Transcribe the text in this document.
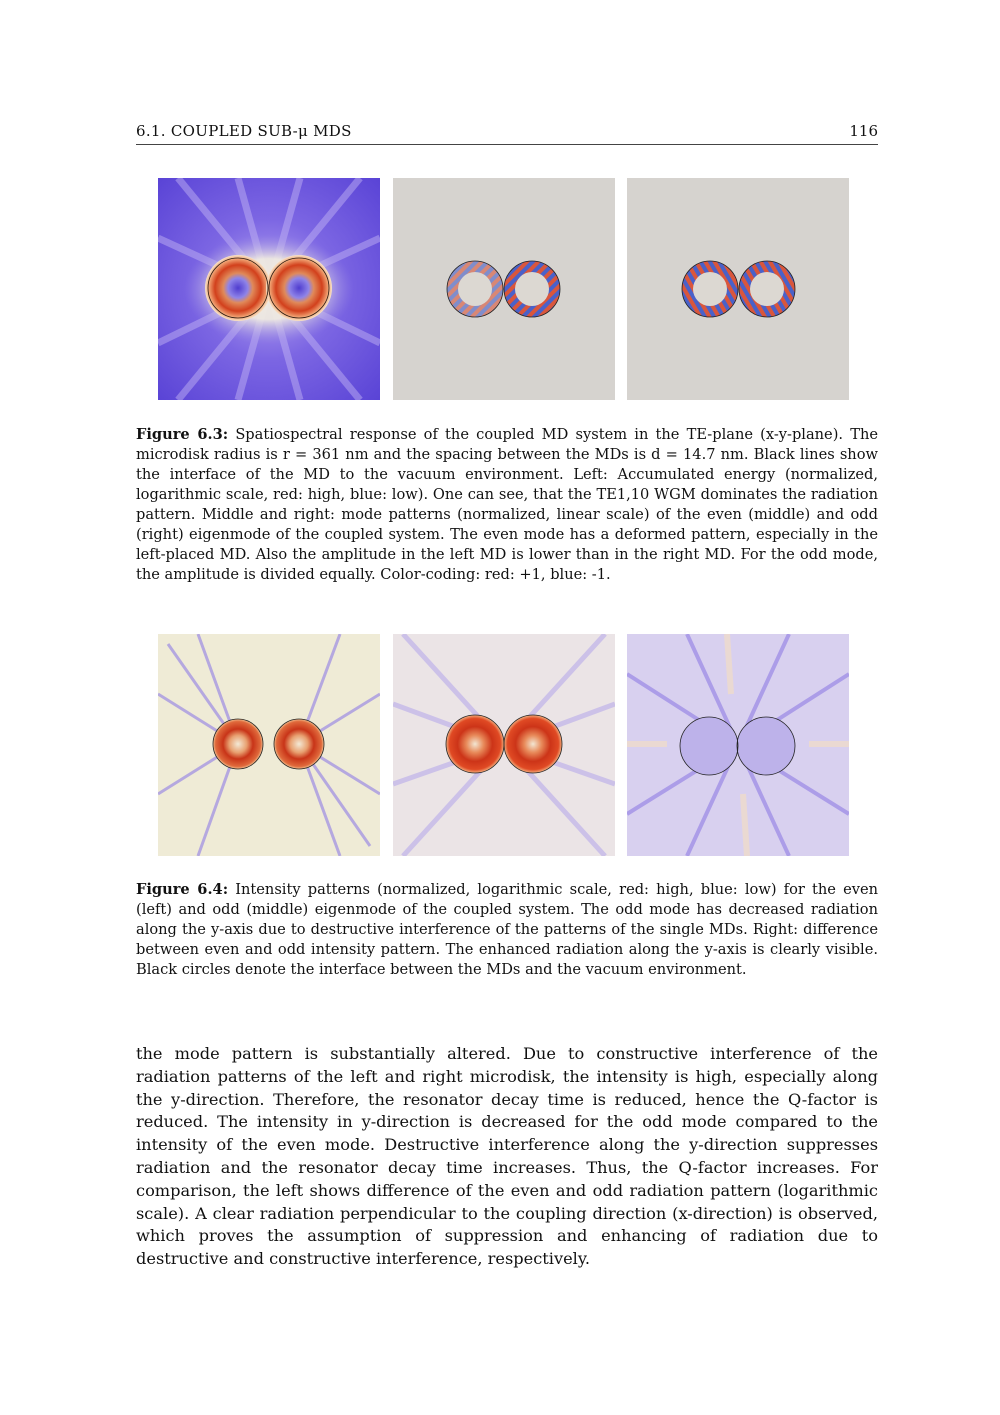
6.1. COUPLED SUB-μ MDS	116

Figure 6.3: Spatiospectral response of the coupled MD system in the TE-plane (x-y-plane). The microdisk radius is r = 361 nm and the spacing between the MDs is d = 14.7 nm. Black lines show the interface of the MD to the vacuum environment. Left: Accumulated energy (normalized, logarithmic scale, red: high, blue: low). One can see, that the TE1,10 WGM dominates the radiation pattern. Middle and right: mode patterns (normalized, linear scale) of the even (middle) and odd (right) eigenmode of the coupled system. The even mode has a deformed pattern, especially in the left-placed MD. Also the amplitude in the left MD is lower than in the right MD. For the odd mode, the amplitude is divided equally. Color-coding: red: +1, blue: -1.

Figure 6.4: Intensity patterns (normalized, logarithmic scale, red: high, blue: low) for the even (left) and odd (middle) eigenmode of the coupled system. The odd mode has decreased radiation along the y-axis due to destructive interference of the patterns of the single MDs. Right: difference between even and odd intensity pattern. The enhanced radiation along the y-axis is clearly visible. Black circles denote the interface between the MDs and the vacuum environment.

the mode pattern is substantially altered. Due to constructive interference of the radiation patterns of the left and right microdisk, the intensity is high, especially along the y-direction. Therefore, the resonator decay time is reduced, hence the Q-factor is reduced. The intensity in y-direction is decreased for the odd mode compared to the intensity of the even mode. Destructive interference along the y-direction suppresses radiation and the resonator decay time increases. Thus, the Q-factor increases. For comparison, the left shows difference of the even and odd radiation pattern (logarithmic scale). A clear radiation perpendicular to the coupling direction (x-direction) is observed, which proves the assumption of suppression and enhancing of radiation due to destructive and constructive interference, respectively.
